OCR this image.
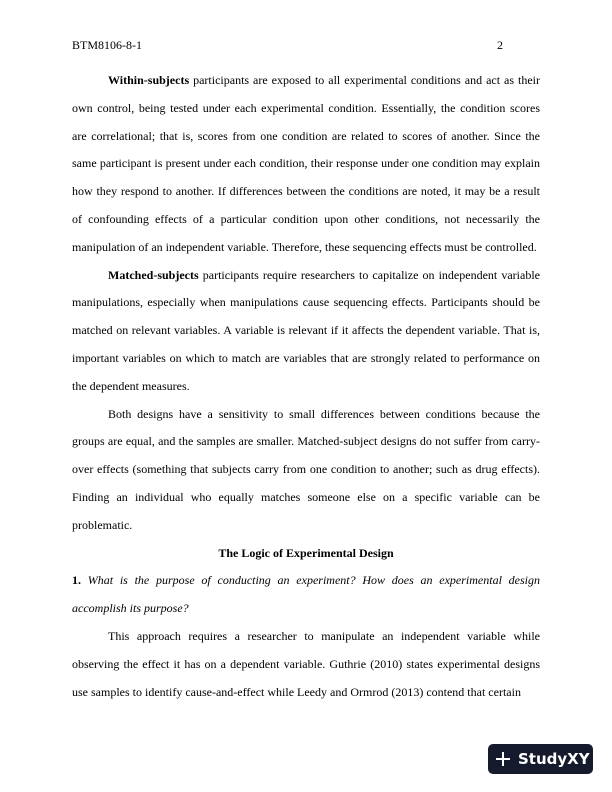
BTM8106-8-1	2

Within-subjects participants are exposed to all experimental conditions and act as their own control, being tested under each experimental condition. Essentially, the condition scores are correlational; that is, scores from one condition are related to scores of another. Since the same participant is present under each condition, their response under one condition may explain how they respond to another. If differences between the conditions are noted, it may be a result of confounding effects of a particular condition upon other conditions, not necessarily the manipulation of an independent variable. Therefore, these sequencing effects must be controlled.

Matched-subjects participants require researchers to capitalize on independent variable manipulations, especially when manipulations cause sequencing effects. Participants should be matched on relevant variables. A variable is relevant if it affects the dependent variable. That is, important variables on which to match are variables that are strongly related to performance on the dependent measures.

Both designs have a sensitivity to small differences between conditions because the groups are equal, and the samples are smaller. Matched-subject designs do not suffer from carry-over effects (something that subjects carry from one condition to another; such as drug effects). Finding an individual who equally matches someone else on a specific variable can be problematic.

The Logic of Experimental Design

1. What is the purpose of conducting an experiment? How does an experimental design accomplish its purpose?

This approach requires a researcher to manipulate an independent variable while observing the effect it has on a dependent variable. Guthrie (2010) states experimental designs use samples to identify cause-and-effect while Leedy and Ormrod (2013) contend that certain

StudyXY
